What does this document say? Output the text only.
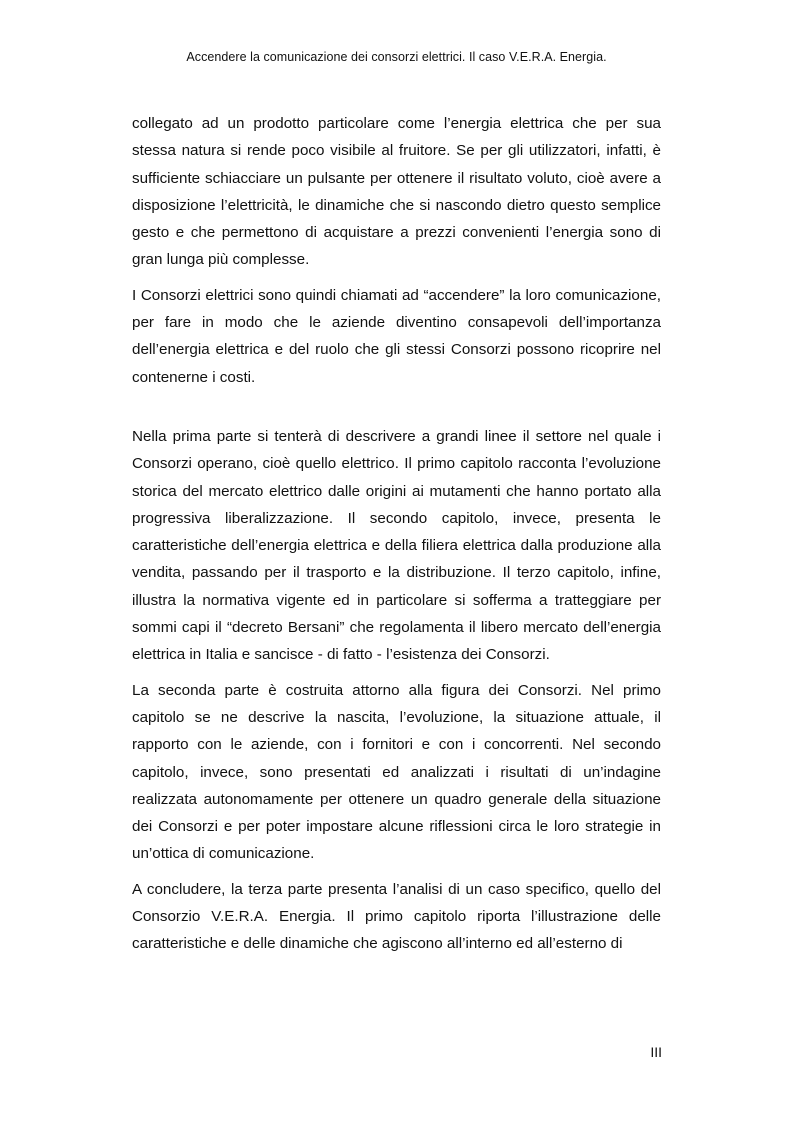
Accendere la comunicazione dei consorzi elettrici. Il caso V.E.R.A. Energia.

collegato ad un prodotto particolare come l’energia elettrica che per sua stessa natura si rende poco visibile al fruitore. Se per gli utilizzatori, infatti, è sufficiente schiacciare un pulsante per ottenere il risultato voluto, cioè avere a disposizione l’elettricità, le dinamiche che si nascondo dietro questo semplice gesto e che permettono di acquistare a prezzi convenienti l’energia sono di gran lunga più complesse.

I Consorzi elettrici sono quindi chiamati ad “accendere” la loro comunicazione, per fare in modo che le aziende diventino consapevoli dell’importanza dell’energia elettrica e del ruolo che gli stessi Consorzi possono ricoprire nel contenerne i costi.

Nella prima parte si tenterà di descrivere a grandi linee il settore nel quale i Consorzi operano, cioè quello elettrico. Il primo capitolo racconta l’evoluzione storica del mercato elettrico dalle origini ai mutamenti che hanno portato alla progressiva liberalizzazione. Il secondo capitolo, invece, presenta le caratteristiche dell’energia elettrica e della filiera elettrica dalla produzione alla vendita, passando per il trasporto e la distribuzione. Il terzo capitolo, infine, illustra la normativa vigente ed in particolare si sofferma a tratteggiare per sommi capi il “decreto Bersani” che regolamenta il libero mercato dell’energia elettrica in Italia e sancisce - di fatto - l’esistenza dei Consorzi.

La seconda parte è costruita attorno alla figura dei Consorzi. Nel primo capitolo se ne descrive la nascita, l’evoluzione, la situazione attuale, il rapporto con le aziende, con i fornitori e con i concorrenti. Nel secondo capitolo, invece, sono presentati ed analizzati i risultati di un’indagine realizzata autonomamente per ottenere un quadro generale della situazione dei Consorzi e per poter impostare alcune riflessioni circa le loro strategie in un’ottica di comunicazione.

A concludere, la terza parte presenta l’analisi di un caso specifico, quello del Consorzio V.E.R.A. Energia. Il primo capitolo riporta l’illustrazione delle caratteristiche e delle dinamiche che agiscono all’interno ed all’esterno di

III
